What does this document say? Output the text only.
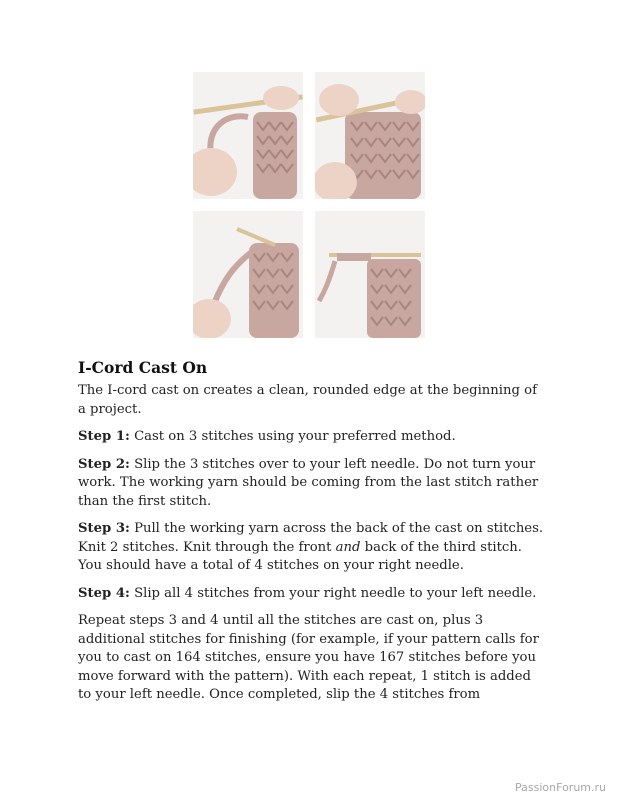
I-Cord Cast On

The I-cord cast on creates a clean, rounded edge at the beginning of a project.

Step 1: Cast on 3 stitches using your preferred method.

Step 2: Slip the 3 stitches over to your left needle. Do not turn your work. The working yarn should be coming from the last stitch rather than the first stitch.

Step 3: Pull the working yarn across the back of the cast on stitches. Knit 2 stitches. Knit through the front and back of the third stitch. You should have a total of 4 stitches on your right needle.

Step 4: Slip all 4 stitches from your right needle to your left needle.

Repeat steps 3 and 4 until all the stitches are cast on, plus 3 additional stitches for finishing (for example, if your pattern calls for you to cast on 164 stitches, ensure you have 167 stitches before you move forward with the pattern). With each repeat, 1 stitch is added to your left needle. Once completed, slip the 4 stitches from

PassionForum.ru
